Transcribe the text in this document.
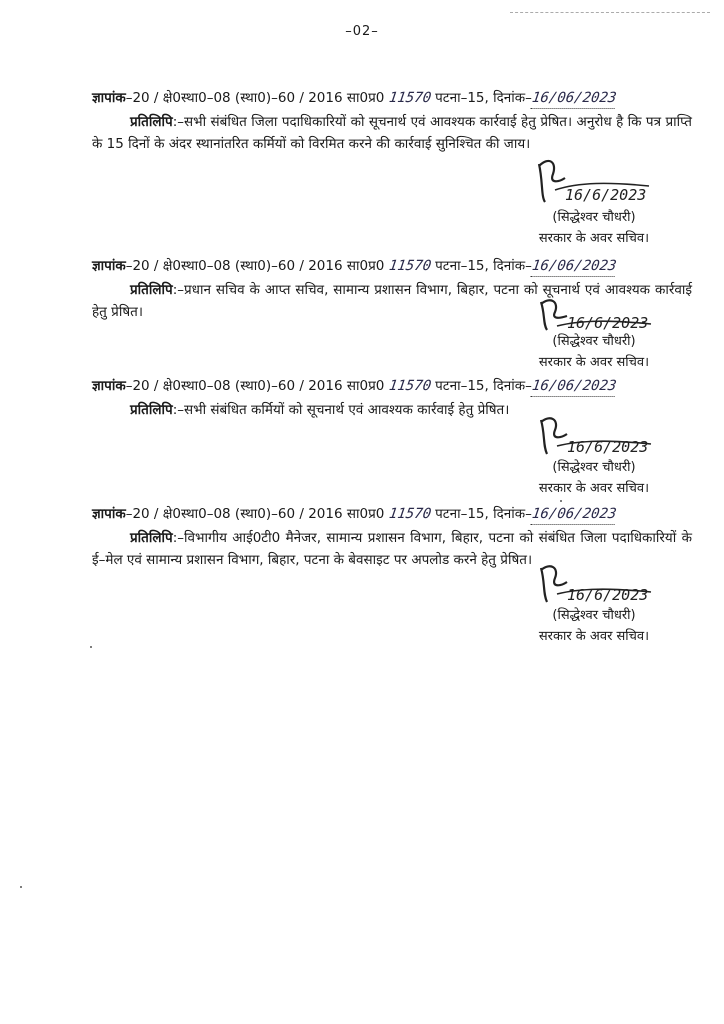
–02–
ज्ञापांक–20 / क्षे0स्था0–08 (स्था0)–60 / 2016 सा0प्र0 11570 पटना–15, दिनांक–16/06/2023
प्रतिलिपि:–सभी संबंधित जिला पदाधिकारियों को सूचनार्थ एवं आवश्यक कार्रवाई हेतु प्रेषित। अनुरोध है कि पत्र प्राप्ति के 15 दिनों के अंदर स्थानांतरित कर्मियों को विरमित करने की कार्रवाई सुनिश्चित की जाय।
16/6/2023
(सिद्धेश्वर चौधरी)
सरकार के अवर सचिव।
ज्ञापांक–20 / क्षे0स्था0–08 (स्था0)–60 / 2016 सा0प्र0 11570 पटना–15, दिनांक–16/06/2023
प्रतिलिपि:–प्रधान सचिव के आप्त सचिव, सामान्य प्रशासन विभाग, बिहार, पटना को सूचनार्थ एवं आवश्यक कार्रवाई हेतु प्रेषित।
16/6/2023
(सिद्धेश्वर चौधरी)
सरकार के अवर सचिव।
ज्ञापांक–20 / क्षे0स्था0–08 (स्था0)–60 / 2016 सा0प्र0 11570 पटना–15, दिनांक–16/06/2023
प्रतिलिपि:–सभी संबंधित कर्मियों को सूचनार्थ एवं आवश्यक कार्रवाई हेतु प्रेषित।
16/6/2023
(सिद्धेश्वर चौधरी)
सरकार के अवर सचिव।
ज्ञापांक–20 / क्षे0स्था0–08 (स्था0)–60 / 2016 सा0प्र0 11570 पटना–15, दिनांक–16/06/2023
प्रतिलिपि:–विभागीय आई0टी0 मैनेजर, सामान्य प्रशासन विभाग, बिहार, पटना को संबंधित जिला पदाधिकारियों के ई–मेल एवं सामान्य प्रशासन विभाग, बिहार, पटना के बेवसाइट पर अपलोड करने हेतु प्रेषित।
16/6/2023
(सिद्धेश्वर चौधरी)
सरकार के अवर सचिव।
